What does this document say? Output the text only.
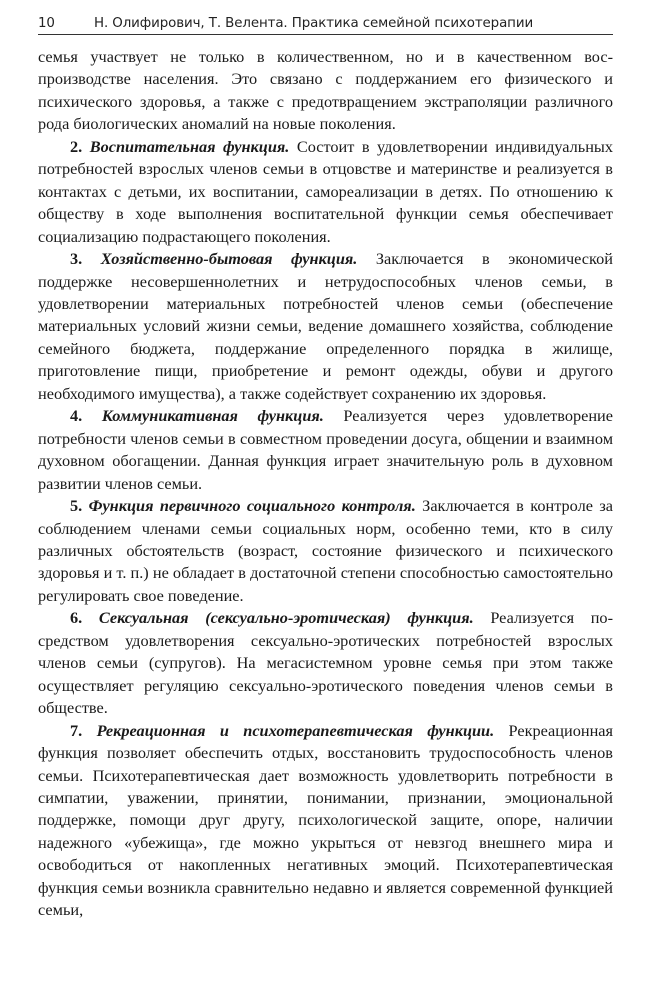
10	Н. Олифирович, Т. Велента. Практика семейной психотерапии

семья участвует не только в количественном, но и в качественном воспроизводстве населения. Это связано с поддержанием его физического и психического здоровья, а также с предотвращением экстраполяции различного рода биологических аномалий на новые поколения.

2. Воспитательная функция. Состоит в удовлетворении индивидуальных потребностей взрослых членов семьи в отцовстве и материнстве и реализуется в контактах с детьми, их воспитании, самореализации в детях. По отношению к обществу в ходе выполнения воспитательной функции семья обеспечивает социализацию подрастающего поколения.

3. Хозяйственно-бытовая функция. Заключается в экономической поддержке несовершеннолетних и нетрудоспособных членов семьи, в удовлетворении материальных потребностей членов семьи (обеспечение материальных условий жизни семьи, ведение домашнего хозяйства, соблюдение семейного бюджета, поддержание определенного порядка в жилище, приготовление пищи, приобретение и ремонт одежды, обуви и другого необходимого имущества), а также содействует сохранению их здоровья.

4. Коммуникативная функция. Реализуется через удовлетворение потребности членов семьи в совместном проведении досуга, общении и взаимном духовном обогащении. Данная функция играет значительную роль в духовном развитии членов семьи.

5. Функция первичного социального контроля. Заключается в контроле за соблюдением членами семьи социальных норм, особенно теми, кто в силу различных обстоятельств (возраст, состояние физического и психического здоровья и т. п.) не обладает в достаточной степени способностью самостоятельно регулировать свое поведение.

6. Сексуальная (сексуально-эротическая) функция. Реализуется посредством удовлетворения сексуально-эротических потребностей взрослых членов семьи (супругов). На мегасистемном уровне семья при этом также осуществляет регуляцию сексуально-эротического поведения членов семьи в обществе.

7. Рекреационная и психотерапевтическая функции. Рекреационная функция позволяет обеспечить отдых, восстановить трудоспособность членов семьи. Психотерапевтическая дает возможность удовлетворить потребности в симпатии, уважении, принятии, понимании, признании, эмоциональной поддержке, помощи друг другу, психологической защите, опоре, наличии надежного «убежища», где можно укрыться от невзгод внешнего мира и освободиться от накопленных негативных эмоций. Психотерапевтическая функция семьи возникла сравнительно недавно и является современной функцией семьи,
